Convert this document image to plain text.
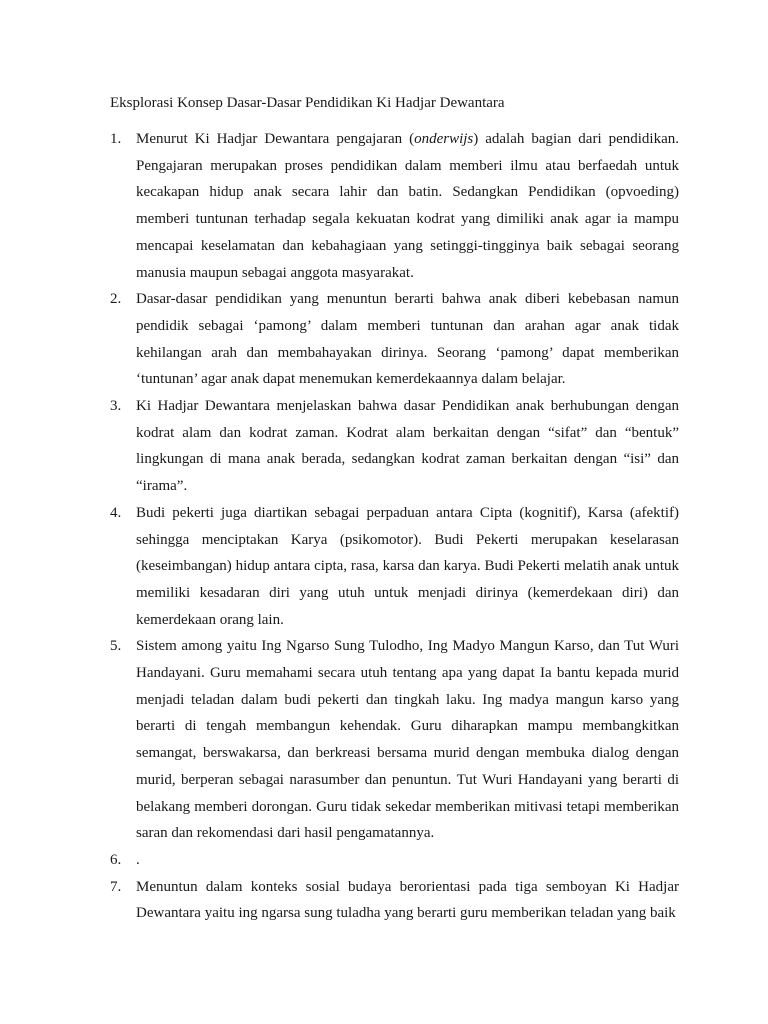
Eksplorasi Konsep Dasar-Dasar Pendidikan Ki Hadjar Dewantara
1. Menurut Ki Hadjar Dewantara pengajaran (onderwijs) adalah bagian dari pendidikan. Pengajaran merupakan proses pendidikan dalam memberi ilmu atau berfaedah untuk kecakapan hidup anak secara lahir dan batin. Sedangkan Pendidikan (opvoeding) memberi tuntunan terhadap segala kekuatan kodrat yang dimiliki anak agar ia mampu mencapai keselamatan dan kebahagiaan yang setinggi-tingginya baik sebagai seorang manusia maupun sebagai anggota masyarakat.
2. Dasar-dasar pendidikan yang menuntun berarti bahwa anak diberi kebebasan namun pendidik sebagai ‘pamong’ dalam memberi tuntunan dan arahan agar anak tidak kehilangan arah dan membahayakan dirinya. Seorang ‘pamong’ dapat memberikan ‘tuntunan’ agar anak dapat menemukan kemerdekaannya dalam belajar.
3. Ki Hadjar Dewantara menjelaskan bahwa dasar Pendidikan anak berhubungan dengan kodrat alam dan kodrat zaman. Kodrat alam berkaitan dengan “sifat” dan “bentuk” lingkungan di mana anak berada, sedangkan kodrat zaman berkaitan dengan “isi” dan “irama”.
4. Budi pekerti juga diartikan sebagai perpaduan antara Cipta (kognitif), Karsa (afektif) sehingga menciptakan Karya (psikomotor). Budi Pekerti merupakan keselarasan (keseimbangan) hidup antara cipta, rasa, karsa dan karya. Budi Pekerti melatih anak untuk memiliki kesadaran diri yang utuh untuk menjadi dirinya (kemerdekaan diri) dan kemerdekaan orang lain.
5. Sistem among yaitu Ing Ngarso Sung Tulodho, Ing Madyo Mangun Karso, dan Tut Wuri Handayani. Guru memahami secara utuh tentang apa yang dapat Ia bantu kepada murid menjadi teladan dalam budi pekerti dan tingkah laku. Ing madya mangun karso yang berarti di tengah membangun kehendak. Guru diharapkan mampu membangkitkan semangat, berswakarsa, dan berkreasi bersama murid dengan membuka dialog dengan murid, berperan sebagai narasumber dan penuntun. Tut Wuri Handayani yang berarti di belakang memberi dorongan. Guru tidak sekedar memberikan mitivasi tetapi memberikan saran dan rekomendasi dari hasil pengamatannya.
6. .
7. Menuntun dalam konteks sosial budaya berorientasi pada tiga semboyan Ki Hadjar Dewantara yaitu ing ngarsa sung tuladha yang berarti guru memberikan teladan yang baik
